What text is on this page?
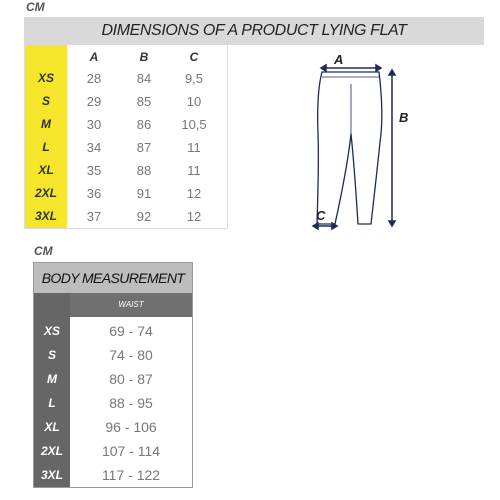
CM
DIMENSIONS OF A PRODUCT LYING FLAT
A	B	C
XS	28	84	9,5
S	29	85	10
M	30	86	10,5
L	34	87	11
XL	35	88	11
2XL	36	91	12
3XL	37	92	12
A
B
C
CM
BODY MEASUREMENT
WAIST
XS	69 - 74
S	74 - 80
M	80 - 87
L	88 - 95
XL	96 - 106
2XL	107 - 114
3XL	117 - 122
